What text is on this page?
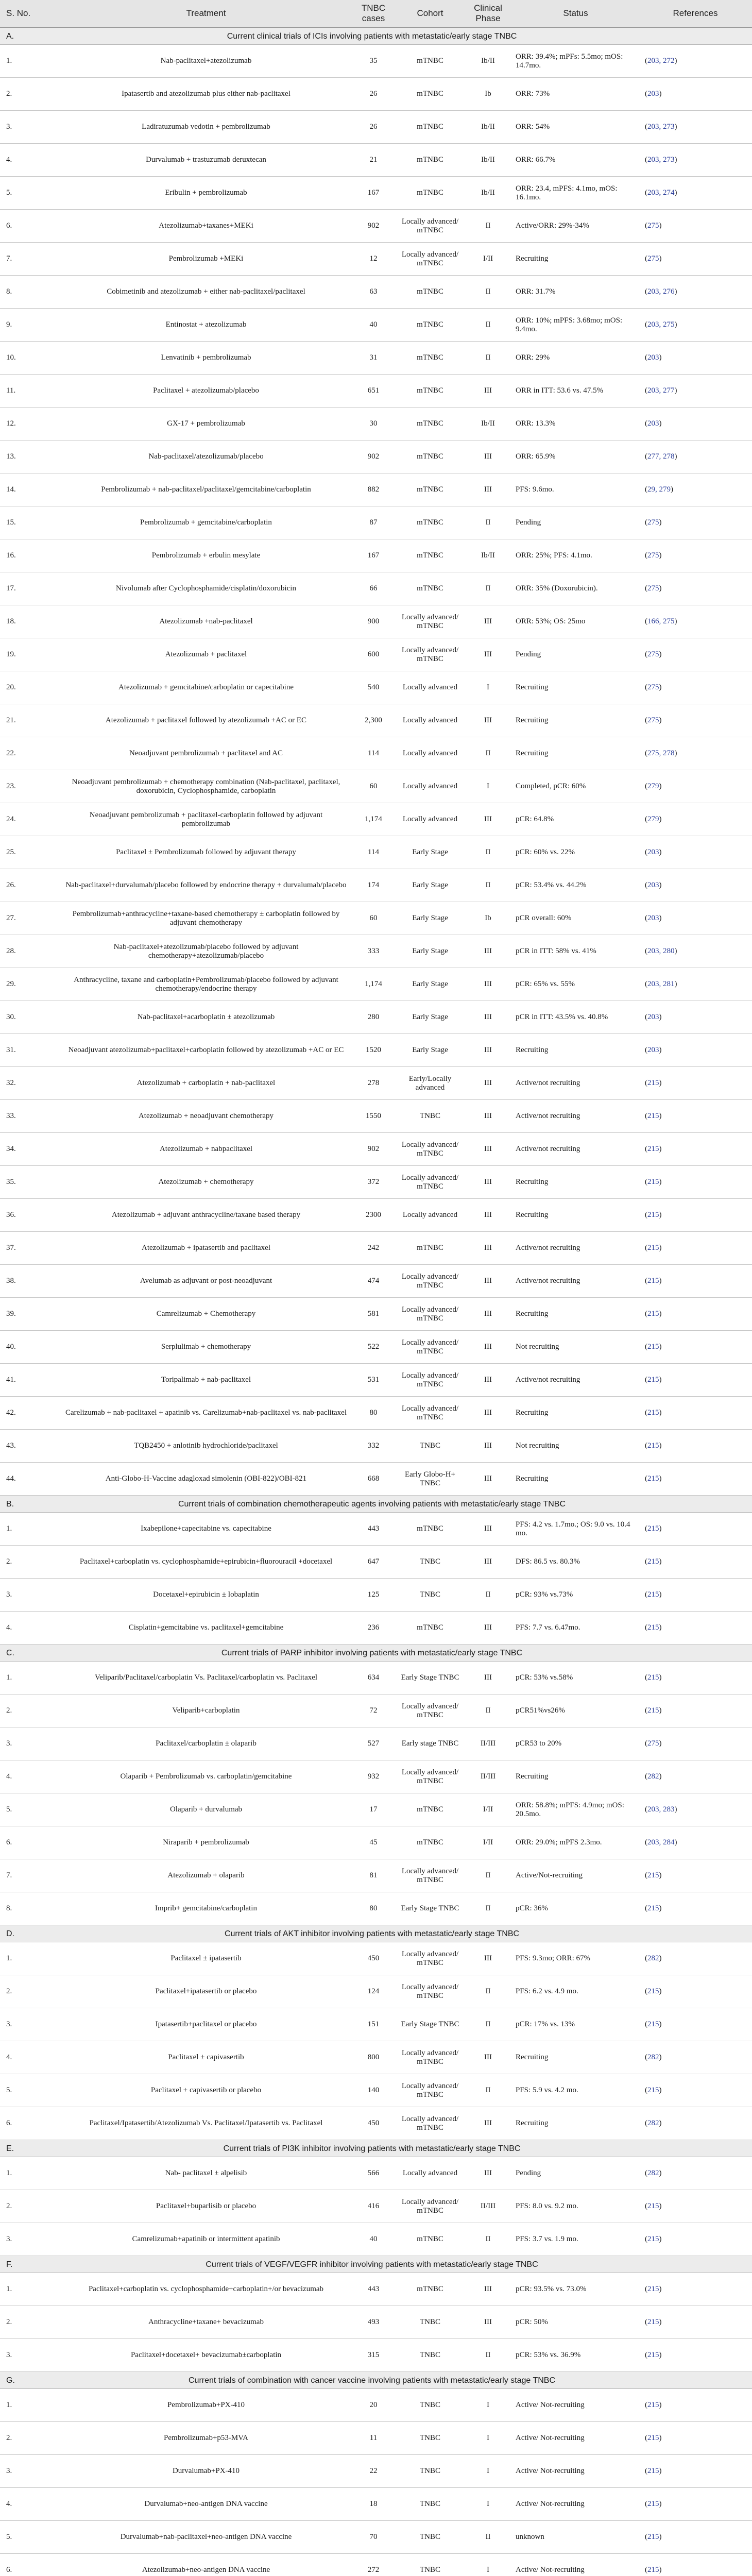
S. No.	Treatment	TNBC cases	Cohort	Clinical Phase	Status	References
A. Current clinical trials of ICIs involving patients with metastatic/early stage TNBC						
1.	Nab-paclitaxel+atezolizumab	35	mTNBC	Ib/II	ORR: 39.4%; mPFs: 5.5mo; mOS: 14.7mo.	(203, 272)
2.	Ipatasertib and atezolizumab plus either nab-paclitaxel	26	mTNBC	Ib	ORR: 73%	(203)
3.	Ladiratuzumab vedotin + pembrolizumab	26	mTNBC	Ib/II	ORR: 54%	(203, 273)
4.	Durvalumab + trastuzumab deruxtecan	21	mTNBC	Ib/II	ORR: 66.7%	(203, 273)
5.	Eribulin + pembrolizumab	167	mTNBC	Ib/II	ORR: 23.4, mPFS: 4.1mo, mOS: 16.1mo.	(203, 274)
6.	Atezolizumab+taxanes+MEKi	902	Locally advanced/ mTNBC	II	Active/ORR: 29%-34%	(275)
7.	Pembrolizumab +MEKi	12	Locally advanced/ mTNBC	I/II	Recruiting	(275)
8.	Cobimetinib and atezolizumab + either nab-paclitaxel/paclitaxel	63	mTNBC	II	ORR: 31.7%	(203, 276)
9.	Entinostat + atezolizumab	40	mTNBC	II	ORR: 10%; mPFS: 3.68mo; mOS: 9.4mo.	(203, 275)
10.	Lenvatinib + pembrolizumab	31	mTNBC	II	ORR: 29%	(203)
11.	Paclitaxel + atezolizumab/placebo	651	mTNBC	III	ORR in ITT: 53.6 vs. 47.5%	(203, 277)
12.	GX-17 + pembrolizumab	30	mTNBC	Ib/II	ORR: 13.3%	(203)
13.	Nab-paclitaxel/atezolizumab/placebo	902	mTNBC	III	ORR: 65.9%	(277, 278)
14.	Pembrolizumab + nab-paclitaxel/paclitaxel/gemcitabine/carboplatin	882	mTNBC	III	PFS: 9.6mo.	(29, 279)
15.	Pembrolizumab + gemcitabine/carboplatin	87	mTNBC	II	Pending	(275)
16.	Pembrolizumab + erbulin mesylate	167	mTNBC	Ib/II	ORR: 25%; PFS: 4.1mo.	(275)
17.	Nivolumab after Cyclophosphamide/cisplatin/doxorubicin	66	mTNBC	II	ORR: 35% (Doxorubicin).	(275)
18.	Atezolizumab +nab-paclitaxel	900	Locally advanced/ mTNBC	III	ORR: 53%; OS: 25mo	(166, 275)
19.	Atezolizumab + paclitaxel	600	Locally advanced/ mTNBC	III	Pending	(275)
20.	Atezolizumab + gemcitabine/carboplatin or capecitabine	540	Locally advanced	I	Recruiting	(275)
21.	Atezolizumab + paclitaxel followed by atezolizumab +AC or EC	2,300	Locally advanced	III	Recruiting	(275)
22.	Neoadjuvant pembrolizumab + paclitaxel and AC	114	Locally advanced	II	Recruiting	(275, 278)
23.	Neoadjuvant pembrolizumab + chemotherapy combination (Nab-paclitaxel, paclitaxel, doxorubicin, Cyclophosphamide, carboplatin	60	Locally advanced	I	Completed, pCR: 60%	(279)
24.	Neoadjuvant pembrolizumab + paclitaxel-carboplatin followed by adjuvant pembrolizumab	1,174	Locally advanced	III	pCR: 64.8%	(279)
25.	Paclitaxel ± Pembrolizumab followed by adjuvant therapy	114	Early Stage	II	pCR: 60% vs. 22%	(203)
26.	Nab-paclitaxel+durvalumab/placebo followed by endocrine therapy + durvalumab/placebo	174	Early Stage	II	pCR: 53.4% vs. 44.2%	(203)
27.	Pembrolizumab+anthracycline+taxane-based chemotherapy ± carboplatin followed by adjuvant chemotherapy	60	Early Stage	Ib	pCR overall: 60%	(203)
28.	Nab-paclitaxel+atezolizumab/placebo followed by adjuvant chemotherapy+atezolizumab/placebo	333	Early Stage	III	pCR in ITT: 58% vs. 41%	(203, 280)
29.	Anthracycline, taxane and carboplatin+Pembrolizumab/placebo followed by adjuvant chemotherapy/endocrine therapy	1,174	Early Stage	III	pCR: 65% vs. 55%	(203, 281)
30.	Nab-paclitaxel+acarboplatin ± atezolizumab	280	Early Stage	III	pCR in ITT: 43.5% vs. 40.8%	(203)
31.	Neoadjuvant atezolizumab+paclitaxel+carboplatin followed by atezolizumab +AC or EC	1520	Early Stage	III	Recruiting	(203)
32.	Atezolizumab + carboplatin + nab-paclitaxel	278	Early/Locally advanced	III	Active/not recruiting	(215)
33.	Atezolizumab + neoadjuvant chemotherapy	1550	TNBC	III	Active/not recruiting	(215)
34.	Atezolizumab + nabpaclitaxel	902	Locally advanced/ mTNBC	III	Active/not recruiting	(215)
35.	Atezolizumab + chemotherapy	372	Locally advanced/ mTNBC	III	Recruiting	(215)
36.	Atezolizumab + adjuvant anthracycline/taxane based therapy	2300	Locally advanced	III	Recruiting	(215)
37.	Atezolizumab + ipatasertib and paclitaxel	242	mTNBC	III	Active/not recruiting	(215)
38.	Avelumab as adjuvant or post-neoadjuvant	474	Locally advanced/ mTNBC	III	Active/not recruiting	(215)
39.	Camrelizumab + Chemotherapy	581	Locally advanced/ mTNBC	III	Recruiting	(215)
40.	Serplulimab + chemotherapy	522	Locally advanced/ mTNBC	III	Not recruiting	(215)
41.	Toripalimab + nab-paclitaxel	531	Locally advanced/ mTNBC	III	Active/not recruiting	(215)
42.	Carelizumab + nab-paclitaxel + apatinib vs. Carelizumab+nab-paclitaxel vs. nab-paclitaxel	80	Locally advanced/ mTNBC	III	Recruiting	(215)
43.	TQB2450 + anlotinib hydrochloride/paclitaxel	332	TNBC	III	Not recruiting	(215)
44.	Anti-Globo-H-Vaccine adagloxad simolenin (OBI-822)/OBI-821	668	Early Globo-H+ TNBC	III	Recruiting	(215)
B. Current trials of combination chemotherapeutic agents involving patients with metastatic/early stage TNBC						
1.	Ixabepilone+capecitabine vs. capecitabine	443	mTNBC	III	PFS: 4.2 vs. 1.7mo.; OS: 9.0 vs. 10.4 mo.	(215)
2.	Paclitaxel+carboplatin vs. cyclophosphamide+epirubicin+fluorouracil +docetaxel	647	TNBC	III	DFS: 86.5 vs. 80.3%	(215)
3.	Docetaxel+epirubicin ± lobaplatin	125	TNBC	II	pCR: 93% vs.73%	(215)
4.	Cisplatin+gemcitabine vs. paclitaxel+gemcitabine	236	mTNBC	III	PFS: 7.7 vs. 6.47mo.	(215)
C. Current trials of PARP inhibitor involving patients with metastatic/early stage TNBC						
1.	Veliparib/Paclitaxel/carboplatin Vs. Paclitaxel/carboplatin vs. Paclitaxel	634	Early Stage TNBC	III	pCR: 53% vs.58%	(215)
2.	Veliparib+carboplatin	72	Locally advanced/ mTNBC	II	pCR51%vs26%	(215)
3.	Paclitaxel/carboplatin ± olaparib	527	Early stage TNBC	II/III	pCR53 to 20%	(275)
4.	Olaparib + Pembrolizumab vs. carboplatin/gemcitabine	932	Locally advanced/ mTNBC	II/III	Recruiting	(282)
5.	Olaparib + durvalumab	17	mTNBC	I/II	ORR: 58.8%; mPFS: 4.9mo; mOS: 20.5mo.	(203, 283)
6.	Niraparib + pembrolizumab	45	mTNBC	I/II	ORR: 29.0%; mPFS 2.3mo.	(203, 284)
7.	Atezolizumab + olaparib	81	Locally advanced/ mTNBC	II	Active/Not-recruiting	(215)
8.	Imprib+ gemcitabine/carboplatin	80	Early Stage TNBC	II	pCR: 36%	(215)
D. Current trials of AKT inhibitor involving patients with metastatic/early stage TNBC						
1.	Paclitaxel ± ipatasertib	450	Locally advanced/ mTNBC	III	PFS: 9.3mo; ORR: 67%	(282)
2.	Paclitaxel+ipatasertib or placebo	124	Locally advanced/ mTNBC	II	PFS: 6.2 vs. 4.9 mo.	(215)
3.	Ipatasertib+paclitaxel or placebo	151	Early Stage TNBC	II	pCR: 17% vs. 13%	(215)
4.	Paclitaxel ± capivasertib	800	Locally advanced/ mTNBC	III	Recruiting	(282)
5.	Paclitaxel + capivasertib or placebo	140	Locally advanced/ mTNBC	II	PFS: 5.9 vs. 4.2 mo.	(215)
6.	Paclitaxel/Ipatasertib/Atezolizumab Vs. Paclitaxel/Ipatasertib vs. Paclitaxel	450	Locally advanced/ mTNBC	III	Recruiting	(282)
E. Current trials of PI3K inhibitor involving patients with metastatic/early stage TNBC						
1.	Nab- paclitaxel ± alpelisib	566	Locally advanced	III	Pending	(282)
2.	Paclitaxel+buparlisib or placebo	416	Locally advanced/ mTNBC	II/III	PFS: 8.0 vs. 9.2 mo.	(215)
3.	Camrelizumab+apatinib or intermittent apatinib	40	mTNBC	II	PFS: 3.7 vs. 1.9 mo.	(215)
F. Current trials of VEGF/VEGFR inhibitor involving patients with metastatic/early stage TNBC						
1.	Paclitaxel+carboplatin vs. cyclophosphamide+carboplatin+/or bevacizumab	443	mTNBC	III	pCR: 93.5% vs. 73.0%	(215)
2.	Anthracycline+taxane+ bevacizumab	493	TNBC	III	pCR: 50%	(215)
3.	Paclitaxel+docetaxel+ bevacizumab±carboplatin	315	TNBC	II	pCR: 53% vs. 36.9%	(215)
G. Current trials of combination with cancer vaccine involving patients with metastatic/early stage TNBC						
1.	Pembrolizumab+PX-410	20	TNBC	I	Active/ Not-recruiting	(215)
2.	Pembrolizumab+p53-MVA	11	TNBC	I	Active/ Not-recruiting	(215)
3.	Durvalumab+PX-410	22	TNBC	I	Active/ Not-recruiting	(215)
4.	Durvalumab+neo-antigen DNA vaccine	18	TNBC	I	Active/ Not-recruiting	(215)
5.	Durvalumab+nab-paclitaxel+neo-antigen DNA vaccine	70	TNBC	II	unknown	(215)
6.	Atezolizumab+neo-antigen DNA vaccine	272	TNBC	I	Active/ Not-recruiting	(215)
